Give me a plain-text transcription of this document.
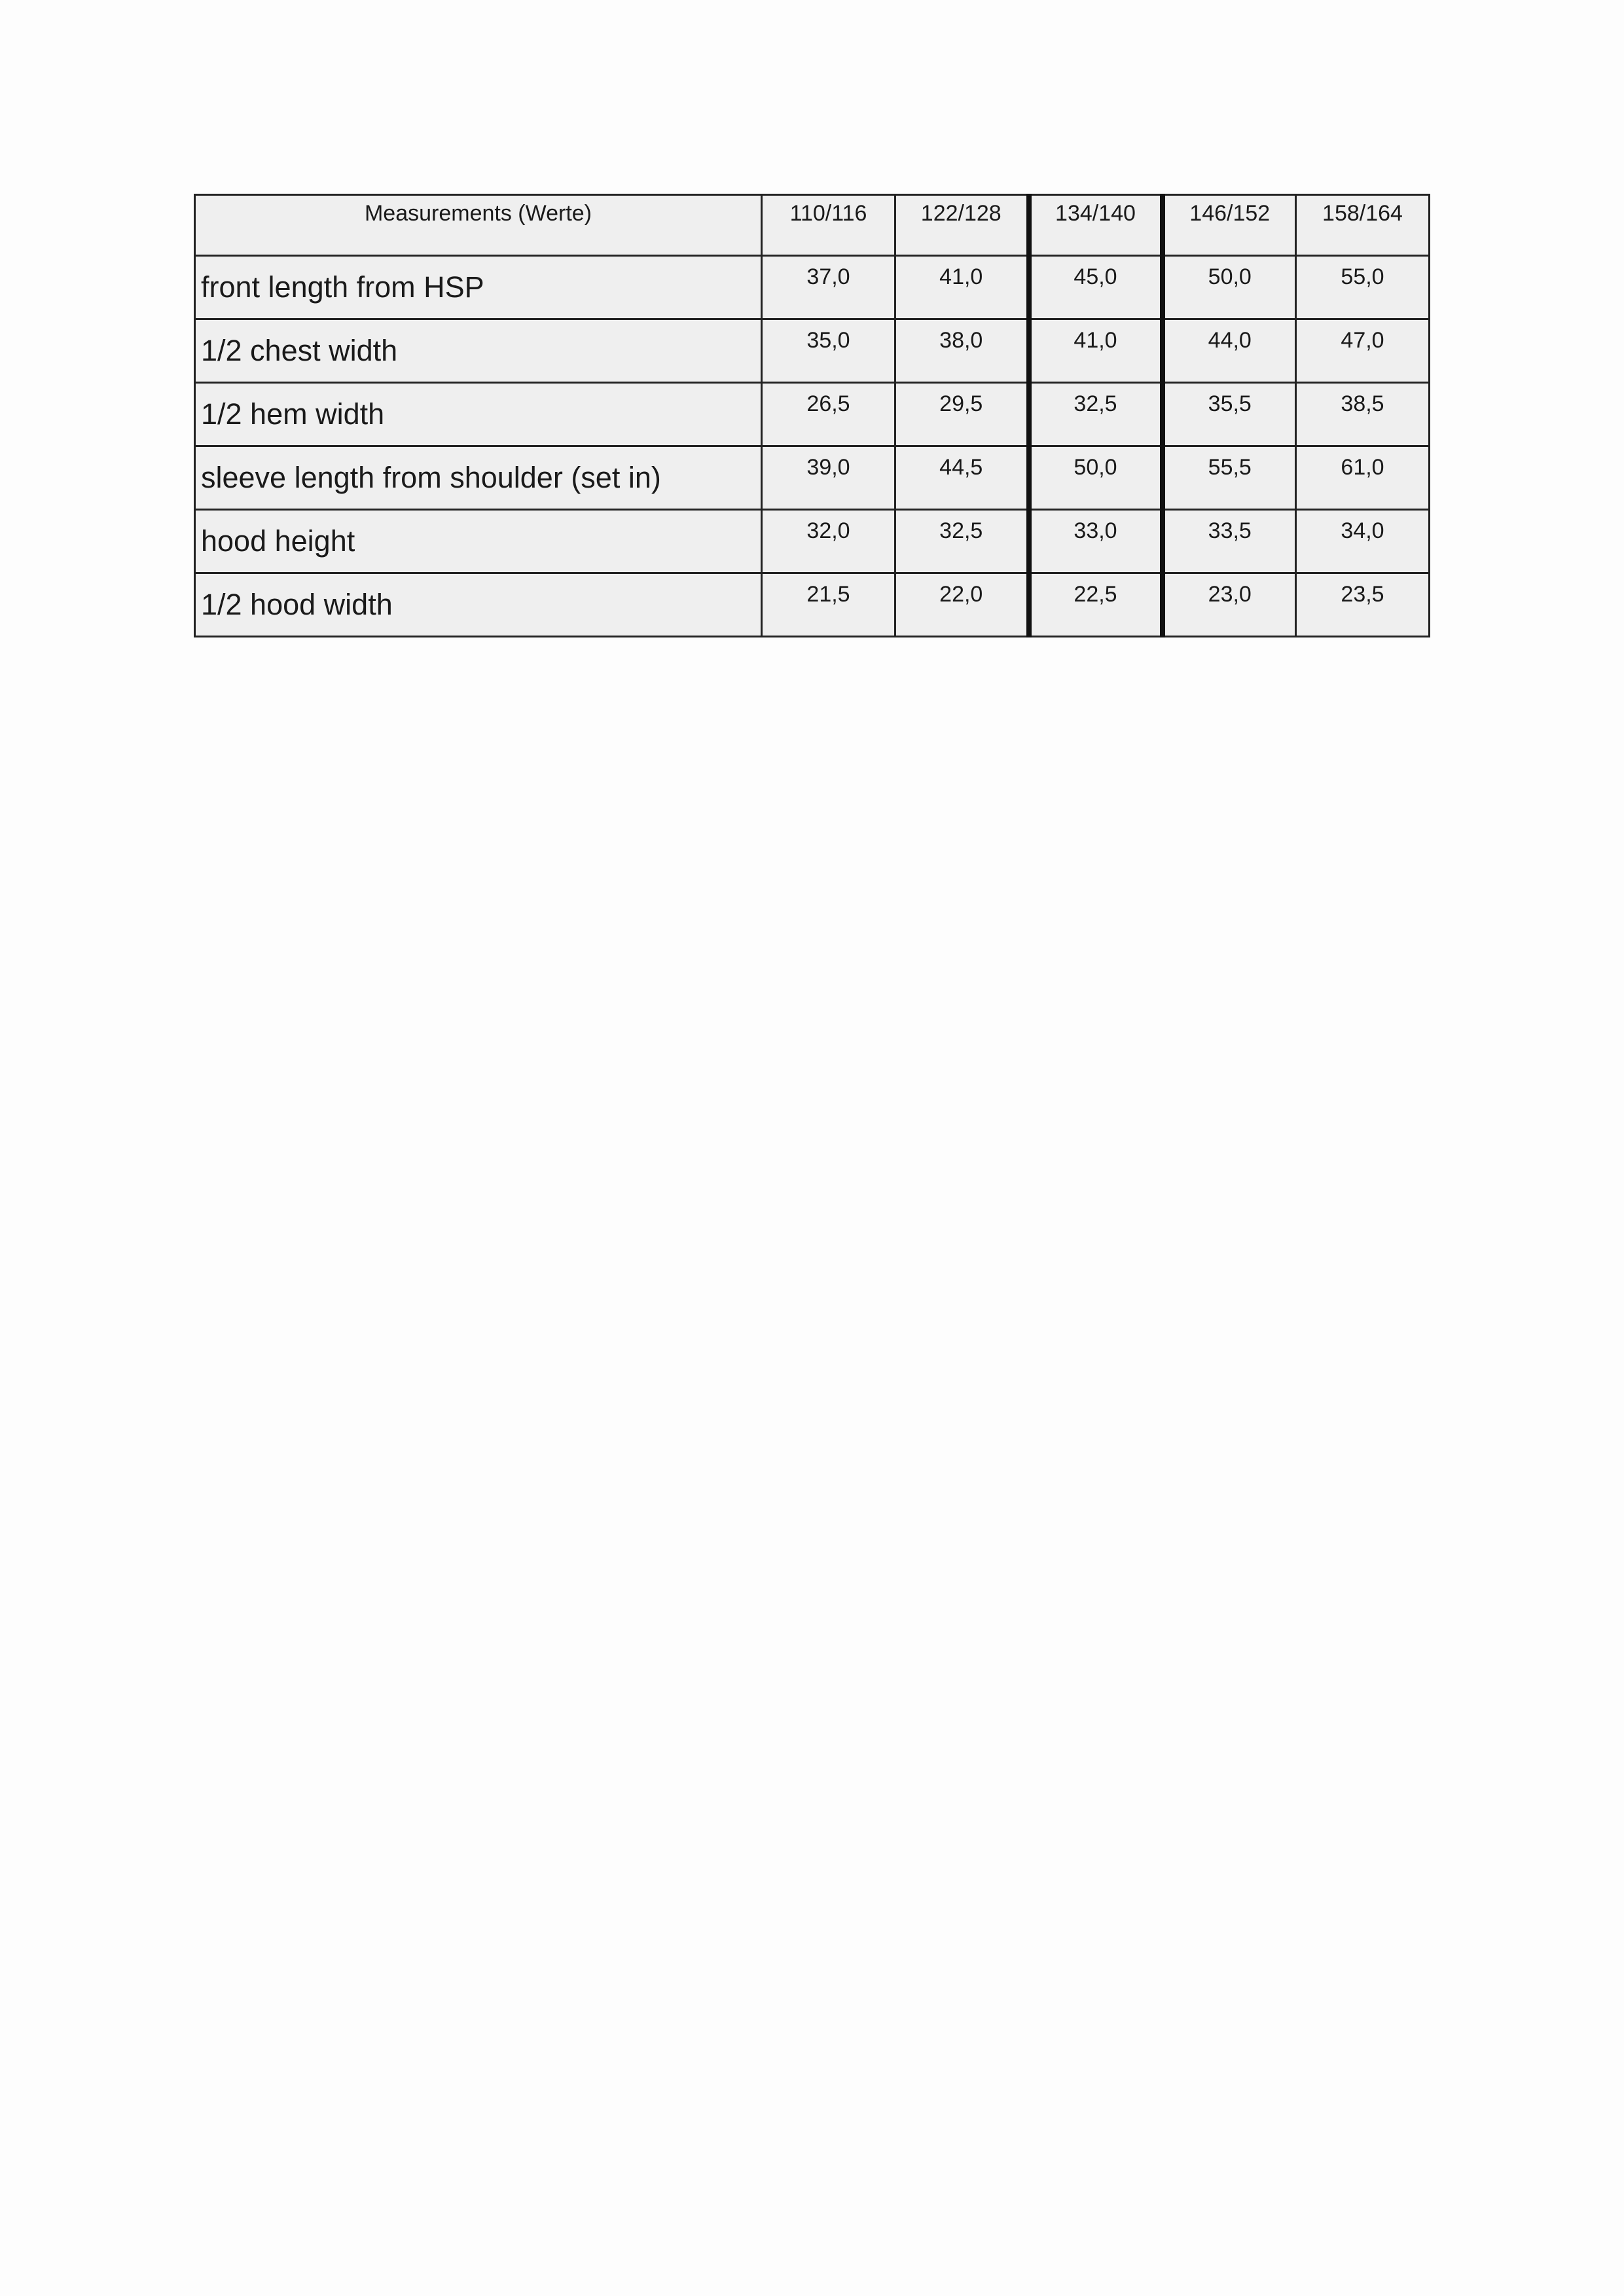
Measurements (Werte)	110/116	122/128	134/140	146/152	158/164
front length from HSP	37,0	41,0	45,0	50,0	55,0
1/2 chest width	35,0	38,0	41,0	44,0	47,0
1/2 hem width	26,5	29,5	32,5	35,5	38,5
sleeve length from shoulder (set in)	39,0	44,5	50,0	55,5	61,0
hood height	32,0	32,5	33,0	33,5	34,0
1/2 hood width	21,5	22,0	22,5	23,0	23,5
